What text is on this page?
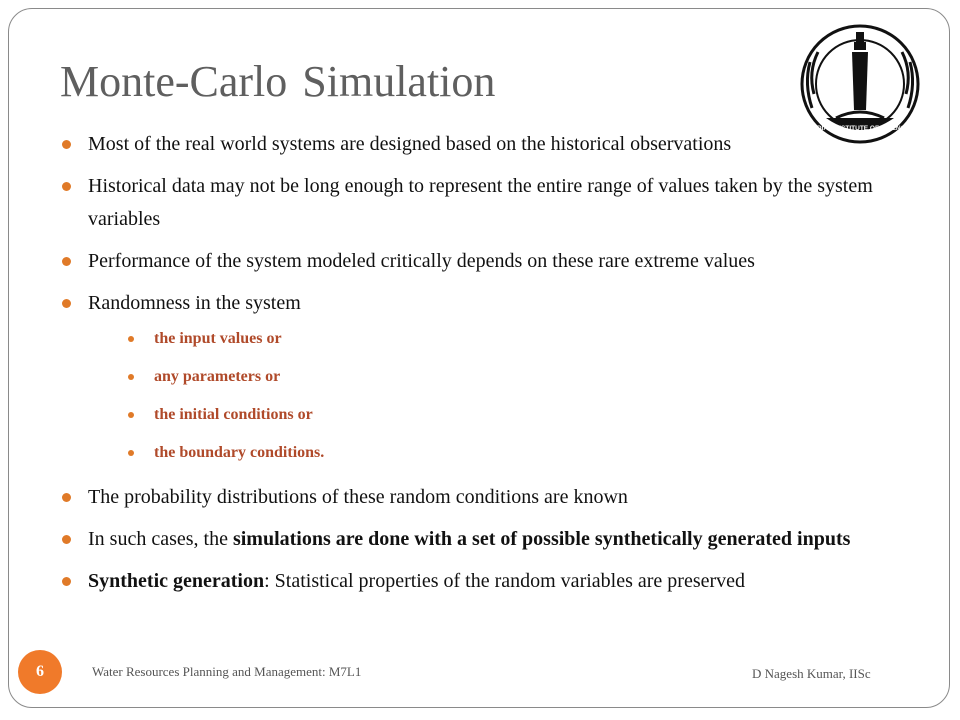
Monte-Carlo Simulation
INDIAN INSTITUTE OF SCIENCE
Most of the real world systems are designed based on the historical observations
Historical data may not be long enough to represent the entire range of values taken by the system variables
Performance of the system modeled critically depends on these rare extreme values
Randomness in the system
the input values or
any parameters or
the initial conditions or
the boundary conditions.
The probability distributions of these random conditions are known
In such cases, the simulations are done with a set of possible synthetically generated inputs
Synthetic generation: Statistical properties of the random variables are preserved
6	Water Resources Planning and Management: M7L1	D Nagesh Kumar, IISc
